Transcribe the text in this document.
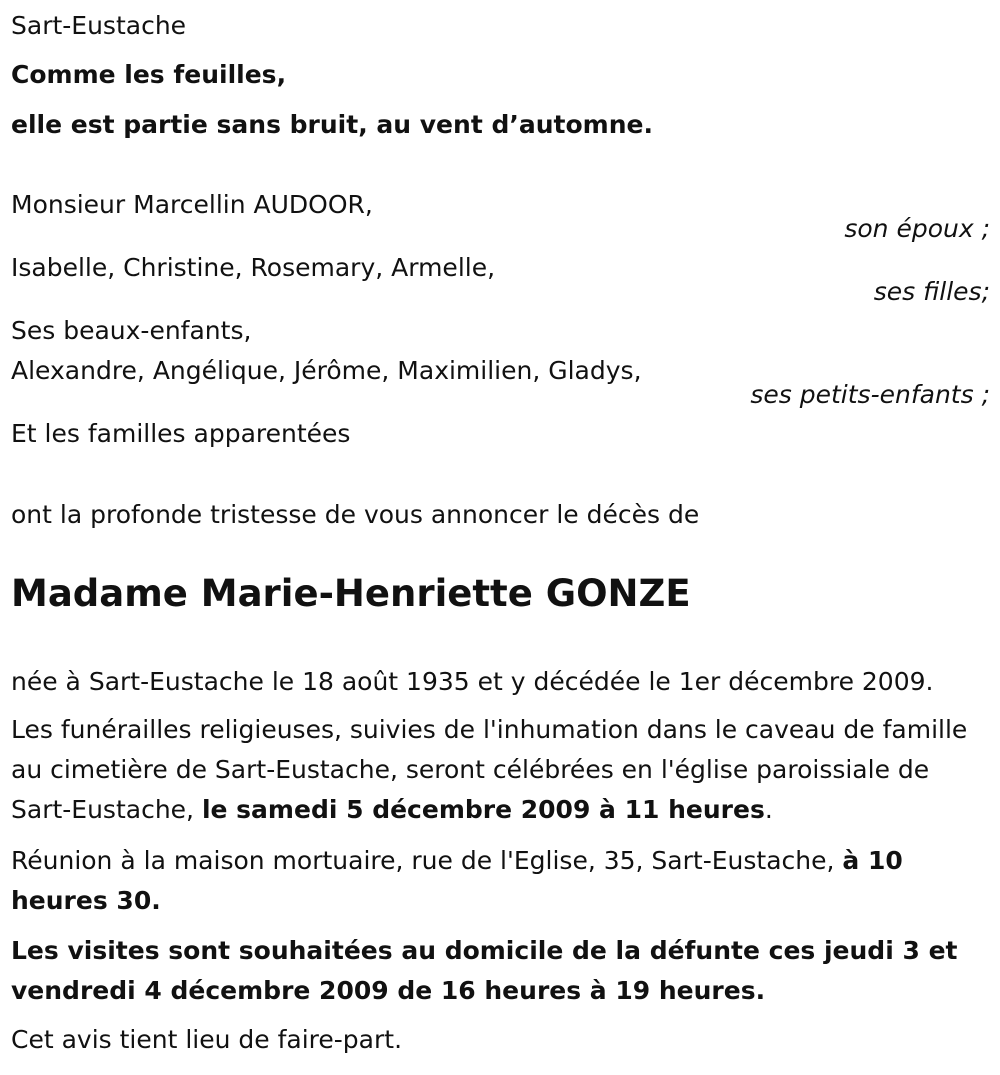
Sart-Eustache
Comme les feuilles,
elle est partie sans bruit, au vent d’automne.
Monsieur Marcellin AUDOOR,
son époux ;
Isabelle, Christine, Rosemary, Armelle,
ses filles;
Ses beaux-enfants,
Alexandre, Angélique, Jérôme, Maximilien, Gladys,
ses petits-enfants ;
Et les familles apparentées
ont la profonde tristesse de vous annoncer le décès de
Madame Marie-Henriette GONZE
née à Sart-Eustache le 18 août 1935 et y décédée le 1er décembre 2009.
Les funérailles religieuses, suivies de l'inhumation dans le caveau de famille au cimetière de Sart-Eustache, seront célébrées en l'église paroissiale de Sart-Eustache, le samedi 5 décembre 2009 à 11 heures.
Réunion à la maison mortuaire, rue de l'Eglise, 35, Sart-Eustache, à 10 heures 30.
Les visites sont souhaitées au domicile de la défunte ces jeudi 3 et vendredi 4 décembre 2009 de 16 heures à 19 heures.
Cet avis tient lieu de faire-part.
